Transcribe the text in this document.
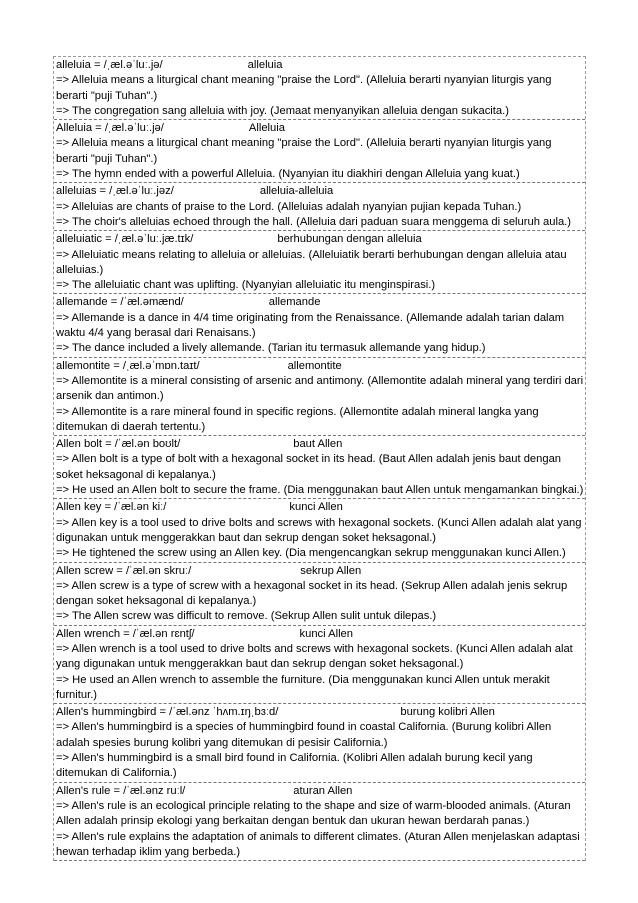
alleluia = /ˌæl.əˈluː.jə/	alleluia
=> Alleluia means a liturgical chant meaning "praise the Lord". (Alleluia berarti nyanyian liturgis yang berarti "puji Tuhan".)
=> The congregation sang alleluia with joy. (Jemaat menyanyikan alleluia dengan sukacita.)
Alleluia = /ˌæl.əˈluː.jə/	Alleluia
=> Alleluia means a liturgical chant meaning "praise the Lord". (Alleluia berarti nyanyian liturgis yang berarti "puji Tuhan".)
=> The hymn ended with a powerful Alleluia. (Nyanyian itu diakhiri dengan Alleluia yang kuat.)
alleluias = /ˌæl.əˈluː.jəz/	alleluia-alleluia
=> Alleluias are chants of praise to the Lord. (Alleluias adalah nyanyian pujian kepada Tuhan.)
=> The choir's alleluias echoed through the hall. (Alleluia dari paduan suara menggema di seluruh aula.)
alleluiatic = /ˌæl.əˈluː.jæ.tɪk/	berhubungan dengan alleluia
=> Alleluiatic means relating to alleluia or alleluias. (Alleluiatik berarti berhubungan dengan alleluia atau alleluias.)
=> The alleluiatic chant was uplifting. (Nyanyian alleluiatic itu menginspirasi.)
allemande = /ˈæl.əmænd/	allemande
=> Allemande is a dance in 4/4 time originating from the Renaissance. (Allemande adalah tarian dalam waktu 4/4 yang berasal dari Renaisans.)
=> The dance included a lively allemande. (Tarian itu termasuk allemande yang hidup.)
allemontite = /ˌæl.əˈmɒn.taɪt/	allemontite
=> Allemontite is a mineral consisting of arsenic and antimony. (Allemontite adalah mineral yang terdiri dari arsenik dan antimon.)
=> Allemontite is a rare mineral found in specific regions. (Allemontite adalah mineral langka yang ditemukan di daerah tertentu.)
Allen bolt = /ˈæl.ən boʊlt/	baut Allen
=> Allen bolt is a type of bolt with a hexagonal socket in its head. (Baut Allen adalah jenis baut dengan soket heksagonal di kepalanya.)
=> He used an Allen bolt to secure the frame. (Dia menggunakan baut Allen untuk mengamankan bingkai.)
Allen key = /ˈæl.ən kiː/	kunci Allen
=> Allen key is a tool used to drive bolts and screws with hexagonal sockets. (Kunci Allen adalah alat yang digunakan untuk menggerakkan baut dan sekrup dengan soket heksagonal.)
=> He tightened the screw using an Allen key. (Dia mengencangkan sekrup menggunakan kunci Allen.)
Allen screw = /ˈæl.ən skruː/	sekrup Allen
=> Allen screw is a type of screw with a hexagonal socket in its head. (Sekrup Allen adalah jenis sekrup dengan soket heksagonal di kepalanya.)
=> The Allen screw was difficult to remove. (Sekrup Allen sulit untuk dilepas.)
Allen wrench = /ˈæl.ən rɛntʃ/	kunci Allen
=> Allen wrench is a tool used to drive bolts and screws with hexagonal sockets. (Kunci Allen adalah alat yang digunakan untuk menggerakkan baut dan sekrup dengan soket heksagonal.)
=> He used an Allen wrench to assemble the furniture. (Dia menggunakan kunci Allen untuk merakit furnitur.)
Allen's hummingbird = /ˈæl.ənz ˈhʌm.ɪŋˌbɜːd/	burung kolibri Allen
=> Allen's hummingbird is a species of hummingbird found in coastal California. (Burung kolibri Allen adalah spesies burung kolibri yang ditemukan di pesisir California.)
=> Allen's hummingbird is a small bird found in California. (Kolibri Allen adalah burung kecil yang ditemukan di California.)
Allen's rule = /ˈæl.ənz ruːl/	aturan Allen
=> Allen's rule is an ecological principle relating to the shape and size of warm-blooded animals. (Aturan Allen adalah prinsip ekologi yang berkaitan dengan bentuk dan ukuran hewan berdarah panas.)
=> Allen's rule explains the adaptation of animals to different climates. (Aturan Allen menjelaskan adaptasi hewan terhadap iklim yang berbeda.)
